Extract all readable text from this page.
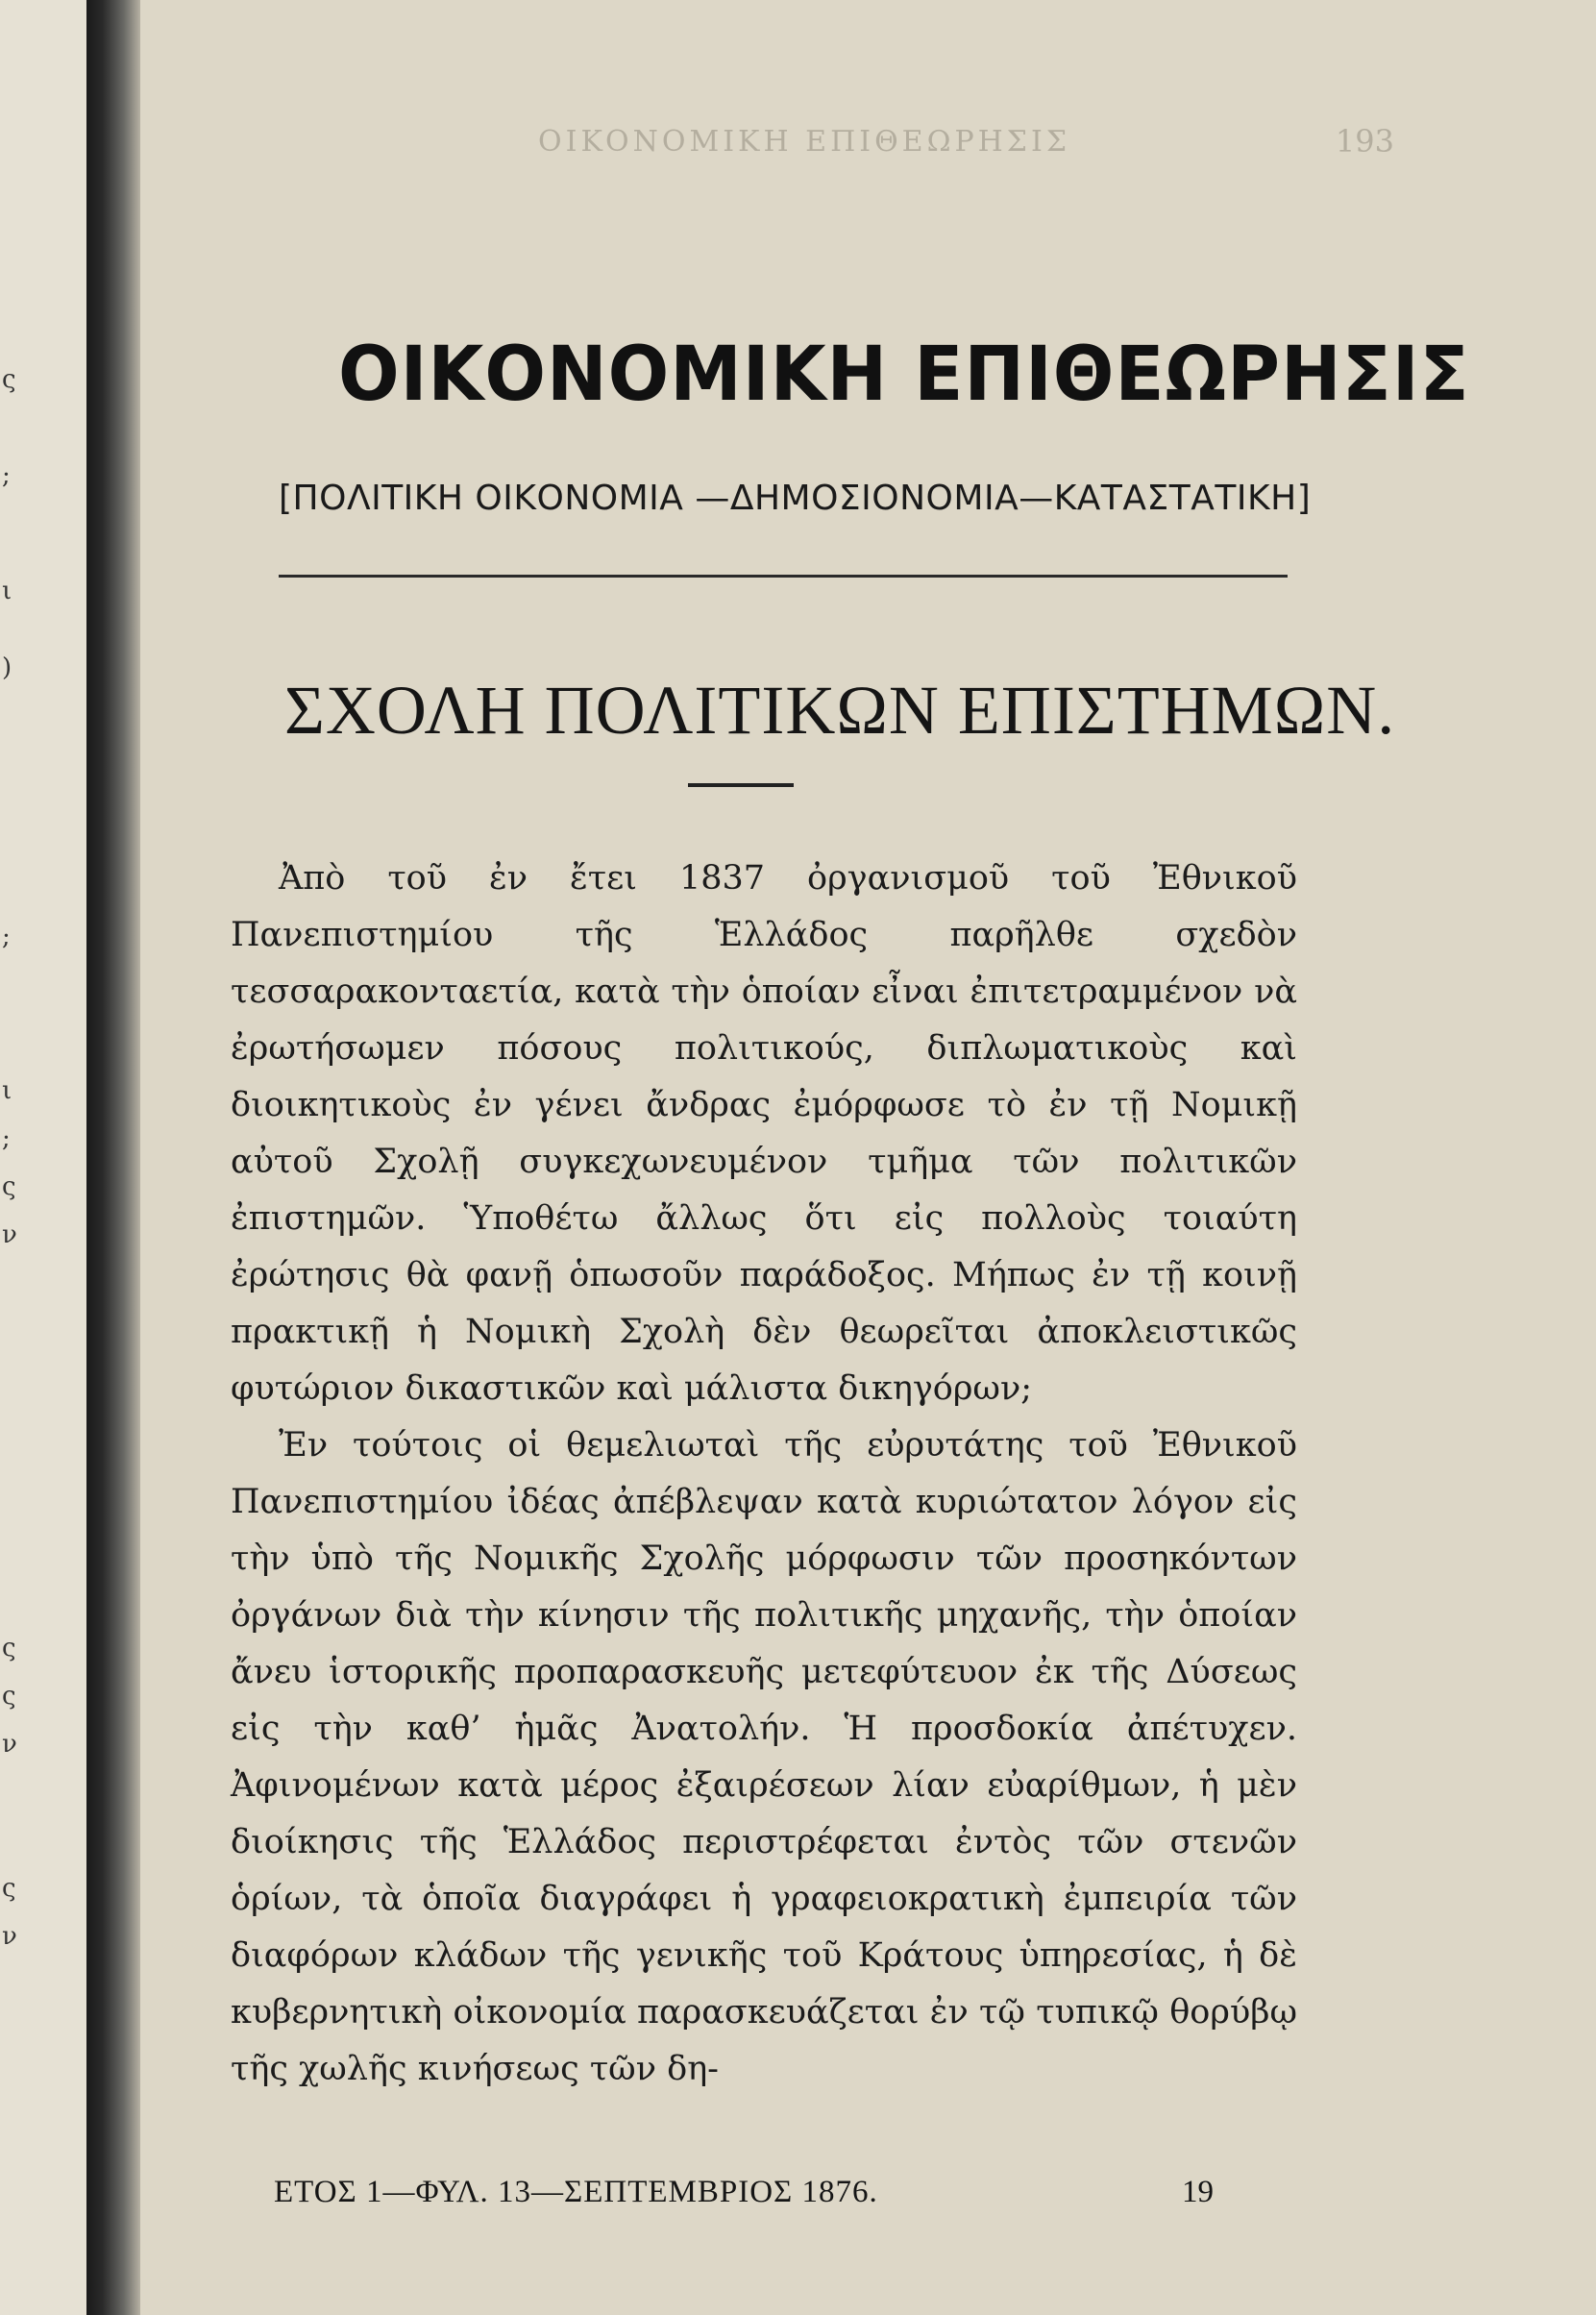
ς
;
ι
)
;
ι
;
ς
ν
ς
ς
ν
ς
ν
OIKONOMIKH EПIΘEΩPHΣIΣ	193
ΟΙΚΟΝΟΜΙΚΗ ΕΠΙΘΕΩΡΗΣΙΣ
[ΠΟΛΙΤΙΚΗ ΟΙΚΟΝΟΜΙΑ —ΔΗΜΟΣΙΟΝΟΜΙΑ—ΚΑΤΑΣΤΑΤΙΚΗ]
ΣΧΟΛΗ ΠΟΛΙΤΙΚΩΝ ΕΠΙΣΤΗΜΩΝ.

Ἀπὸ τοῦ ἐν ἔτει 1837 ὀργανισμοῦ τοῦ Ἐθνικοῦ Πανεπιστημίου τῆς Ἑλλάδος παρῆλθε σχεδὸν τεσσαρακονταετία, κατὰ τὴν ὁποίαν εἶναι ἐπιτετραμμένον νὰ ἐρωτήσωμεν πόσους πολιτικούς, διπλωματικοὺς καὶ διοικητικοὺς ἐν γένει ἄνδρας ἐμόρφωσε τὸ ἐν τῇ Νομικῇ αὐτοῦ Σχολῇ συγκεχωνευμένον τμῆμα τῶν πολιτικῶν ἐπιστημῶν. Ὑποθέτω ἄλλως ὅτι εἰς πολλοὺς τοιαύτη ἐρώτησις θὰ φανῇ ὁπωσοῦν παράδοξος. Μήπως ἐν τῇ κοινῇ πρακτικῇ ἡ Νομικὴ Σχολὴ δὲν θεωρεῖται ἀποκλειστικῶς φυτώριον δικαστικῶν καὶ μάλιστα δικηγόρων;

Ἐν τούτοις οἱ θεμελιωταὶ τῆς εὐρυτάτης τοῦ Ἐθνικοῦ Πανεπιστημίου ἰδέας ἀπέβλεψαν κατὰ κυριώτατον λόγον εἰς τὴν ὑπὸ τῆς Νομικῆς Σχολῆς μόρφωσιν τῶν προσηκόντων ὀργάνων διὰ τὴν κίνησιν τῆς πολιτικῆς μηχανῆς, τὴν ὁποίαν ἄνευ ἱστορικῆς προπαρασκευῆς μετεφύτευον ἐκ τῆς Δύσεως εἰς τὴν καθ’ ἡμᾶς Ἀνατολήν. Ἡ προσδοκία ἀπέτυχεν. Ἀφινομένων κατὰ μέρος ἐξαιρέσεων λίαν εὐαρίθμων, ἡ μὲν διοίκησις τῆς Ἑλλάδος περιστρέφεται ἐντὸς τῶν στενῶν ὁρίων, τὰ ὁποῖα διαγράφει ἡ γραφειοκρατικὴ ἐμπειρία τῶν διαφόρων κλάδων τῆς γενικῆς τοῦ Κράτους ὑπηρεσίας, ἡ δὲ κυβερνητικὴ οἰκονομία παρασκευάζεται ἐν τῷ τυπικῷ θορύβῳ τῆς χωλῆς κινήσεως τῶν δη-

ΕΤΟΣ 1—ΦΥΛ. 13—ΣΕΠΤΕΜΒΡΙΟΣ 1876.	19
